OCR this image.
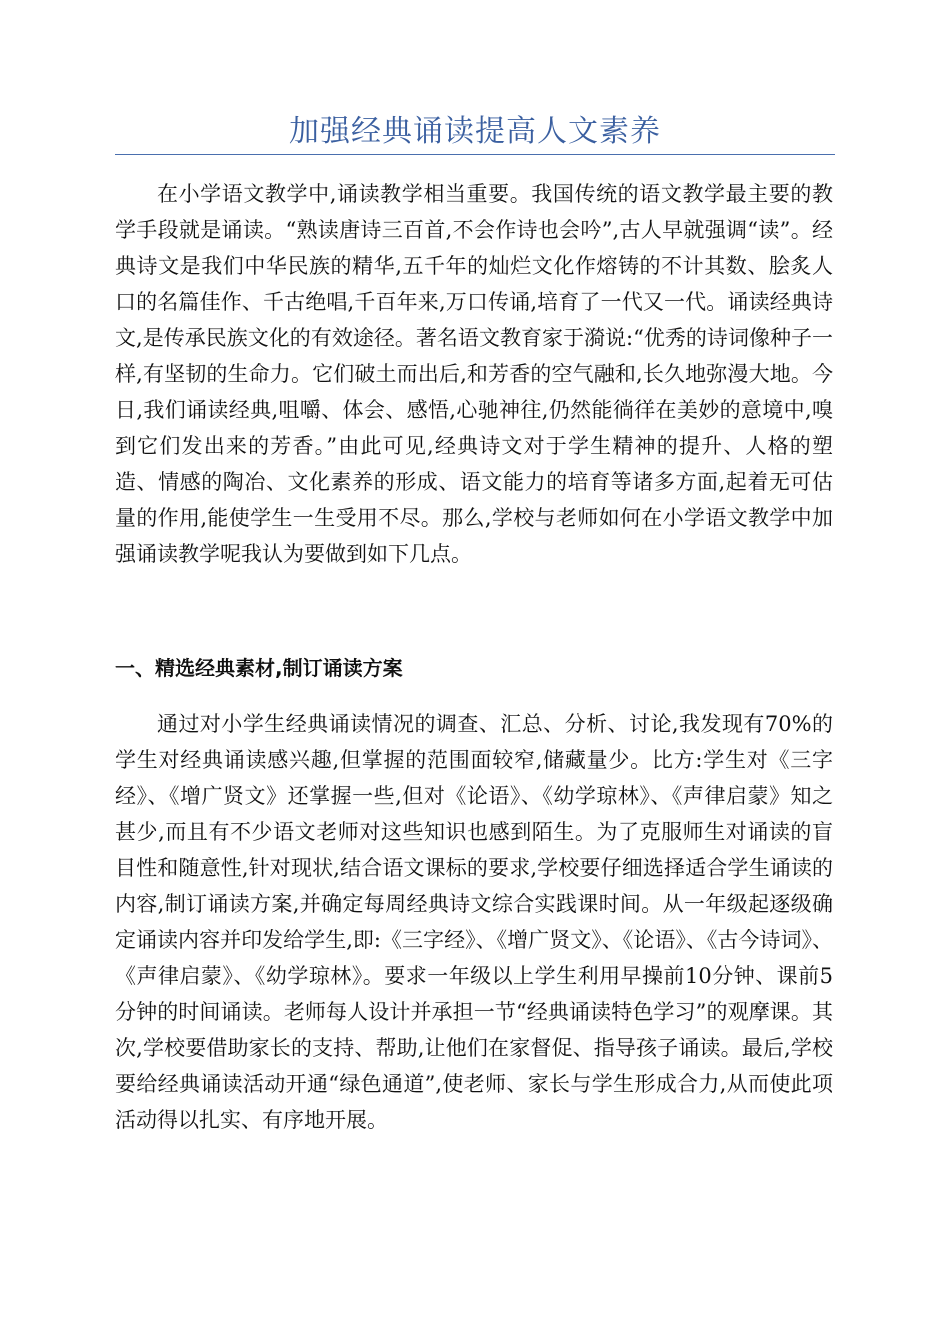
加强经典诵读提高人文素养

在小学语文教学中,诵读教学相当重要。我国传统的语文教学最主要的教学手段就是诵读。“熟读唐诗三百首,不会作诗也会吟”,古人早就强调“读”。经典诗文是我们中华民族的精华,五千年的灿烂文化作熔铸的不计其数、脍炙人口的名篇佳作、千古绝唱,千百年来,万口传诵,培育了一代又一代。诵读经典诗文,是传承民族文化的有效途径。著名语文教育家于漪说:“优秀的诗词像种子一样,有坚韧的生命力。它们破土而出后,和芳香的空气融和,长久地弥漫大地。今日,我们诵读经典,咀嚼、体会、感悟,心驰神往,仍然能徜徉在美妙的意境中,嗅到它们发出来的芳香。”由此可见,经典诗文对于学生精神的提升、人格的塑造、情感的陶冶、文化素养的形成、语文能力的培育等诸多方面,起着无可估量的作用,能使学生一生受用不尽。那么,学校与老师如何在小学语文教学中加强诵读教学呢我认为要做到如下几点。

一、精选经典素材,制订诵读方案

通过对小学生经典诵读情况的调查、汇总、分析、讨论,我发现有70%的学生对经典诵读感兴趣,但掌握的范围面较窄,储藏量少。比方:学生对《三字经》、《增广贤文》还掌握一些,但对《论语》、《幼学琼林》、《声律启蒙》知之甚少,而且有不少语文老师对这些知识也感到陌生。为了克服师生对诵读的盲目性和随意性,针对现状,结合语文课标的要求,学校要仔细选择适合学生诵读的内容,制订诵读方案,并确定每周经典诗文综合实践课时间。从一年级起逐级确定诵读内容并印发给学生,即:《三字经》、《增广贤文》、《论语》、《古今诗词》、《声律启蒙》、《幼学琼林》。要求一年级以上学生利用早操前10分钟、课前5分钟的时间诵读。老师每人设计并承担一节“经典诵读特色学习”的观摩课。其次,学校要借助家长的支持、帮助,让他们在家督促、指导孩子诵读。最后,学校要给经典诵读活动开通“绿色通道”,使老师、家长与学生形成合力,从而使此项活动得以扎实、有序地开展。
